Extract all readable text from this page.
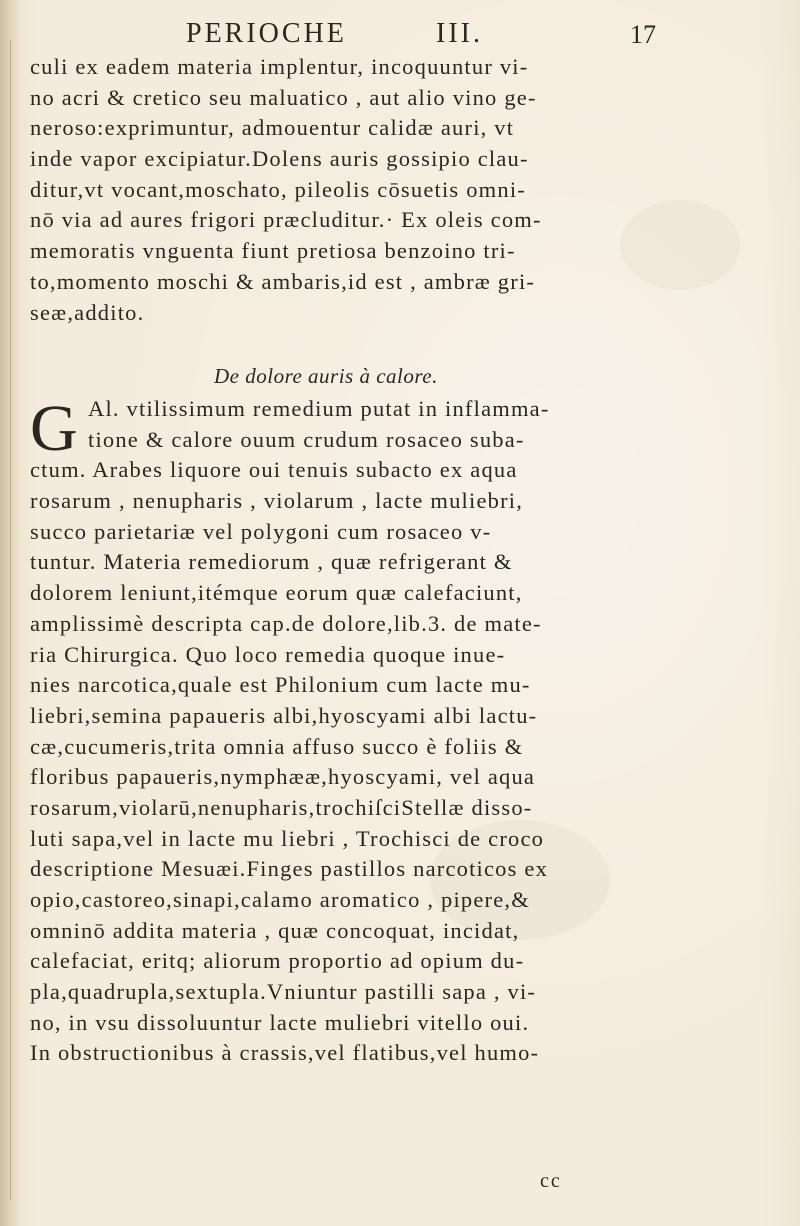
PERIOCHE	III.	17
culi ex eadem materia implentur, incoquuntur vi-
no acri & cretico seu maluatico , aut alio vino ge-
neroso:exprimuntur, admouentur calidæ auri, vt
inde vapor excipiatur.Dolens auris gossipio clau-
ditur,vt vocant,moschato, pileolis cōsuetis omni-
nō via ad aures frigori præcluditur.· Ex oleis com-
memoratis vnguenta fiunt pretiosa benzoino tri-
to,momento moschi & ambaris,id est , ambræ gri-
seæ,addito.
De dolore auris à calore.
G Al. vtilissimum remedium putat in inflamma-
tione & calore ouum crudum rosaceo suba-
ctum. Arabes liquore oui tenuis subacto ex aqua
rosarum , nenupharis , violarum , lacte muliebri,
succo parietariæ vel polygoni cum rosaceo v-
tuntur. Materia remediorum , quæ refrigerant &
dolorem leniunt,itémque eorum quæ calefaciunt,
amplissimè descripta cap.de dolore,lib.3. de mate-
ria Chirurgica. Quo loco remedia quoque inue-
nies narcotica,quale est Philonium cum lacte mu-
liebri,semina papaueris albi,hyoscyami albi lactu-
cæ,cucumeris,trita omnia affuso succo è foliis &
floribus papaueris,nymphææ,hyoscyami, vel aqua
rosarum,violarū,nenupharis,trochiſciStellæ disso-
luti sapa,vel in lacte mu liebri , Trochisci de croco
descriptione Mesuæi.Finges pastillos narcoticos ex
opio,castoreo,sinapi,calamo aromatico , pipere,&
omninō addita materia , quæ concoquat, incidat,
calefaciat, eritq; aliorum proportio ad opium du-
pla,quadrupla,sextupla.Vniuntur pastilli sapa , vi-
no, in vsu dissoluuntur lacte muliebri vitello oui.
In obstructionibus à crassis,vel flatibus,vel humo-
cc
